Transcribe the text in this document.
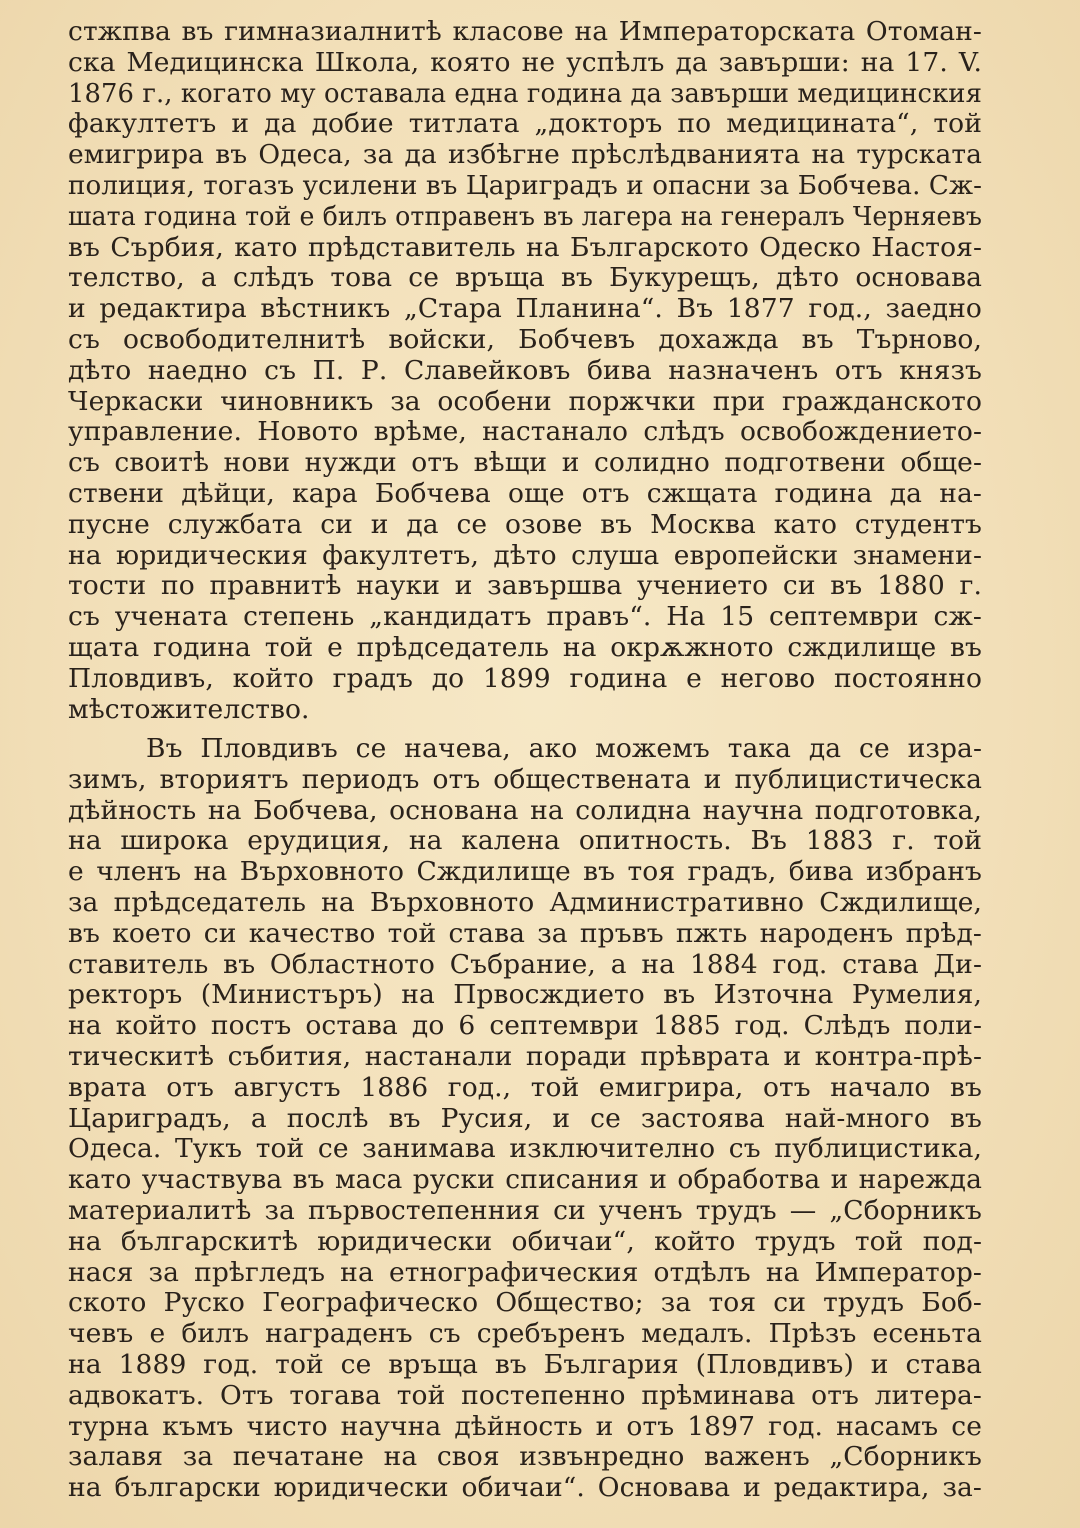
стжпва въ гимназиалнитѣ класове на Императорската Отоман-
ска Медицинска Школа, която не успѣлъ да завърши: на 17. V.
1876 г., когато му оставала една година да завърши медицинския
факултетъ и да добие титлата „докторъ по медицината“, той
емигрира въ Одеса, за да избѣгне прѣслѣдванията на турската
полиция, тогазъ усилени въ Цариградъ и опасни за Бобчева. Сж-
шата година той е билъ отправенъ въ лагера на генералъ Черняевъ
въ Сърбия, като прѣдставитель на Българското Одеско Настоя-
телство, а слѣдъ това се връща въ Букурещъ, дѣто основава
и редактира вѣстникъ „Стара Планина“. Въ 1877 год., заедно
съ освободителнитѣ войски, Бобчевъ дохажда въ Търново,
дѣто наедно съ П. Р. Славейковъ бива назначенъ отъ князъ
Черкаски чиновникъ за особени поржчки при гражданското
управление. Новото врѣме, настанало слѣдъ освобождението-
съ своитѣ нови нужди отъ вѣщи и солидно подготвени обще-
ствени дѣйци, кара Бобчева още отъ сжщата година да на-
пусне службата си и да се озове въ Москва като студентъ
на юридическия факултетъ, дѣто слуша европейски знамени-
тости по правнитѣ науки и завършва учението си въ 1880 г.
съ учената степень „кандидатъ правъ“. На 15 септември сж-
щата година той е прѣдседатель на окрѫжното сждилище въ
Пловдивъ, който градъ до 1899 година е негово постоянно
мѣстожителство.
Въ Пловдивъ се начева, ако можемъ така да се изра-
зимъ, вториятъ периодъ отъ обществената и публицистическа
дѣйность на Бобчева, основана на солидна научна подготовка,
на широка ерудиция, на калена опитность. Въ 1883 г. той
е членъ на Върховното Сждилище въ тоя градъ, бива избранъ
за прѣдседатель на Върховното Административно Сждилище,
въ което си качество той става за пръвъ пжть народенъ прѣд-
ставитель въ Областното Събрание, а на 1884 год. става Ди-
ректоръ (Министъръ) на Првосждието въ Източна Румелия,
на който постъ остава до 6 септември 1885 год. Слѣдъ поли-
тическитѣ събития, настанали поради прѣврата и контра-прѣ-
врата отъ августъ 1886 год., той емигрира, отъ начало въ
Цариградъ, а послѣ въ Русия, и се застоява най-много въ
Одеса. Тукъ той се занимава изключително съ публицистика,
като участвува въ маса руски списания и обработва и нарежда
материалитѣ за първостепенния си ученъ трудъ — „Сборникъ
на българскитѣ юридически обичаи“, който трудъ той под-
нася за прѣгледъ на етнографическия отдѣлъ на Император-
ското Руско Географическо Общество; за тоя си трудъ Боб-
чевъ е билъ награденъ съ сребъренъ медалъ. Прѣзъ есеньта
на 1889 год. той се връща въ България (Пловдивъ) и става
адвокатъ. Отъ тогава той постепенно прѣминава отъ литера-
турна къмъ чисто научна дѣйность и отъ 1897 год. насамъ се
залавя за печатане на своя извънредно важенъ „Сборникъ
на български юридически обичаи“. Основава и редактира, за-
